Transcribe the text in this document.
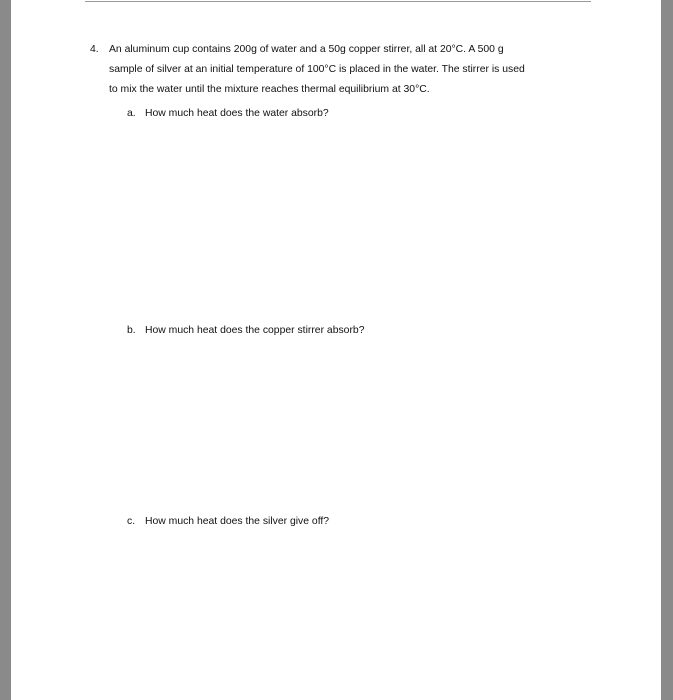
4. An aluminum cup contains 200g of water and a 50g copper stirrer, all at 20°C. A 500 g
sample of silver at an initial temperature of 100°C is placed in the water. The stirrer is used
to mix the water until the mixture reaches thermal equilibrium at 30°C.
a. How much heat does the water absorb?
b. How much heat does the copper stirrer absorb?
c. How much heat does the silver give off?
